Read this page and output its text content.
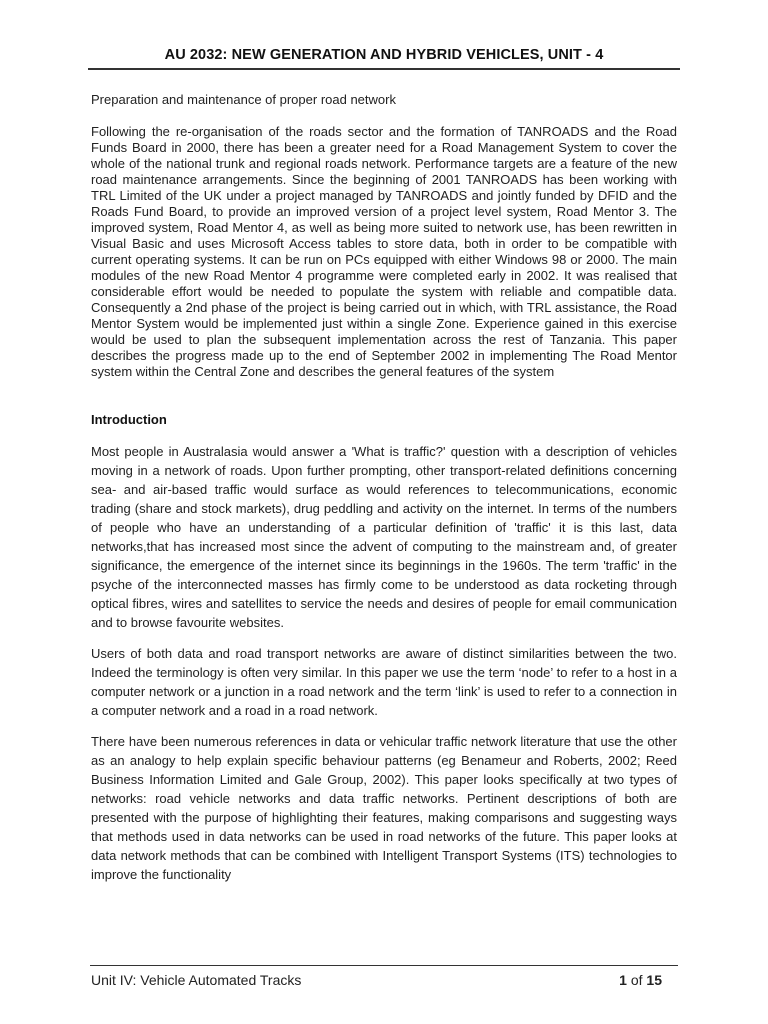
AU 2032: NEW GENERATION AND HYBRID VEHICLES, UNIT - 4

Preparation and maintenance of proper road network

Following the re-organisation of the roads sector and the formation of TANROADS and the Road Funds Board in 2000, there has been a greater need for a Road Management System to cover the whole of the national trunk and regional roads network. Performance targets are a feature of the new road maintenance arrangements. Since the beginning of 2001 TANROADS has been working with TRL Limited of the UK under a project managed by TANROADS and jointly funded by DFID and the Roads Fund Board, to provide an improved version of a project level system, Road Mentor 3. The improved system, Road Mentor 4, as well as being more suited to network use, has been rewritten in Visual Basic and uses Microsoft Access tables to store data, both in order to be compatible with current operating systems. It can be run on PCs equipped with either Windows 98 or 2000. The main modules of the new Road Mentor 4 programme were completed early in 2002. It was realised that considerable effort would be needed to populate the system with reliable and compatible data. Consequently a 2nd phase of the project is being carried out in which, with TRL assistance, the Road Mentor System would be implemented just within a single Zone. Experience gained in this exercise would be used to plan the subsequent implementation across the rest of Tanzania. This paper describes the progress made up to the end of September 2002 in implementing The Road Mentor system within the Central Zone and describes the general features of the system

Introduction

Most people in Australasia would answer a 'What is traffic?' question with a description of vehicles moving in a network of roads. Upon further prompting, other transport-related definitions concerning sea- and air-based traffic would surface as would references to telecommunications, economic trading (share and stock markets), drug peddling and activity on the internet. In terms of the numbers of people who have an understanding of a particular definition of 'traffic' it is this last, data networks,that has increased most since the advent of computing to the mainstream and, of greater significance, the emergence of the internet since its beginnings in the 1960s. The term 'traffic' in the psyche of the interconnected masses has firmly come to be understood as data rocketing through optical fibres, wires and satellites to service the needs and desires of people for email communication and to browse favourite websites.

Users of both data and road transport networks are aware of distinct similarities between the two. Indeed the terminology is often very similar. In this paper we use the term ‘node’ to refer to a host in a computer network or a junction in a road network and the term ‘link’ is used to refer to a connection in a computer network and a road in a road network.

There have been numerous references in data or vehicular traffic network literature that use the other as an analogy to help explain specific behaviour patterns (eg Benameur and Roberts, 2002; Reed Business Information Limited and Gale Group, 2002). This paper looks specifically at two types of networks: road vehicle networks and data traffic networks. Pertinent descriptions of both are presented with the purpose of highlighting their features, making comparisons and suggesting ways that methods used in data networks can be used in road networks of the future. This paper looks at data network methods that can be combined with Intelligent Transport Systems (ITS) technologies to improve the functionality

Unit IV: Vehicle Automated Tracks	1 of 15
